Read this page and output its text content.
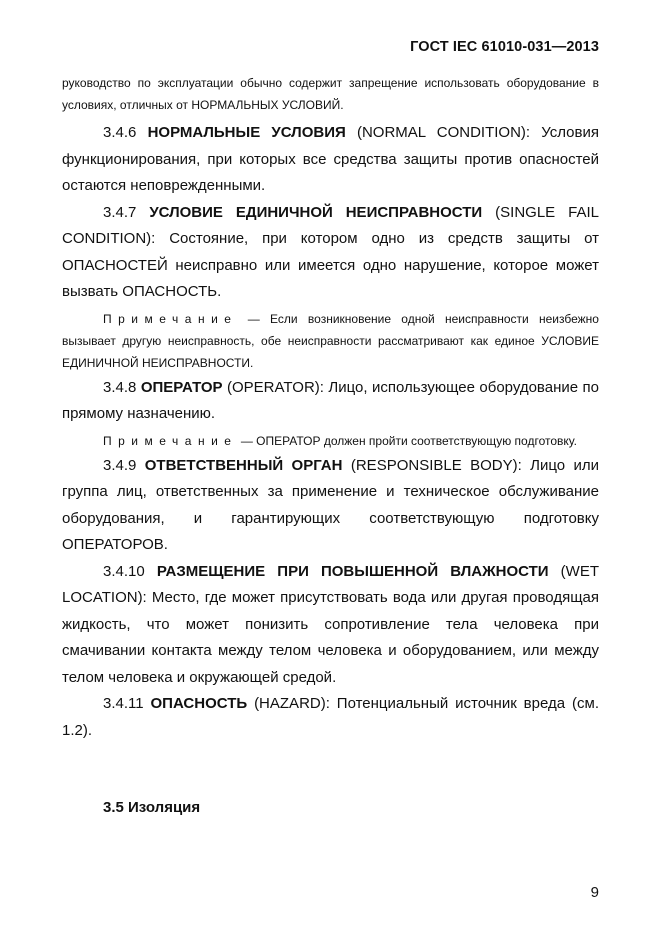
ГОСТ IEC 61010-031—2013

руководство по эксплуатации обычно содержит запрещение использовать оборудование в условиях, отличных от НОРМАЛЬНЫХ УСЛОВИЙ.

3.4.6 НОРМАЛЬНЫЕ УСЛОВИЯ (NORMAL CONDITION): Условия функционирования, при которых все средства защиты против опасностей остаются неповрежденными.

3.4.7 УСЛОВИЕ ЕДИНИЧНОЙ НЕИСПРАВНОСТИ (SINGLE FAIL CONDITION): Состояние, при котором одно из средств защиты от ОПАСНОСТЕЙ неисправно или имеется одно нарушение, которое может вызвать ОПАСНОСТЬ.

Примечание — Если возникновение одной неисправности неизбежно вызывает другую неисправность, обе неисправности рассматривают как единое УСЛОВИЕ ЕДИНИЧНОЙ НЕИСПРАВНОСТИ.

3.4.8 ОПЕРАТОР (OPERATOR): Лицо, использующее оборудование по прямому назначению.

Примечание — ОПЕРАТОР должен пройти соответствующую подготовку.

3.4.9 ОТВЕТСТВЕННЫЙ ОРГАН (RESPONSIBLE BODY): Лицо или группа лиц, ответственных за применение и техническое обслуживание оборудования, и гарантирующих соответствующую подготовку ОПЕРАТОРОВ.

3.4.10 РАЗМЕЩЕНИЕ ПРИ ПОВЫШЕННОЙ ВЛАЖНОСТИ (WET LOCATION): Место, где может присутствовать вода или другая проводящая жидкость, что может понизить сопротивление тела человека при смачивании контакта между телом человека и оборудованием, или между телом человека и окружающей средой.

3.4.11 ОПАСНОСТЬ (HAZARD): Потенциальный источник вреда (см. 1.2).

3.5 Изоляция
9
